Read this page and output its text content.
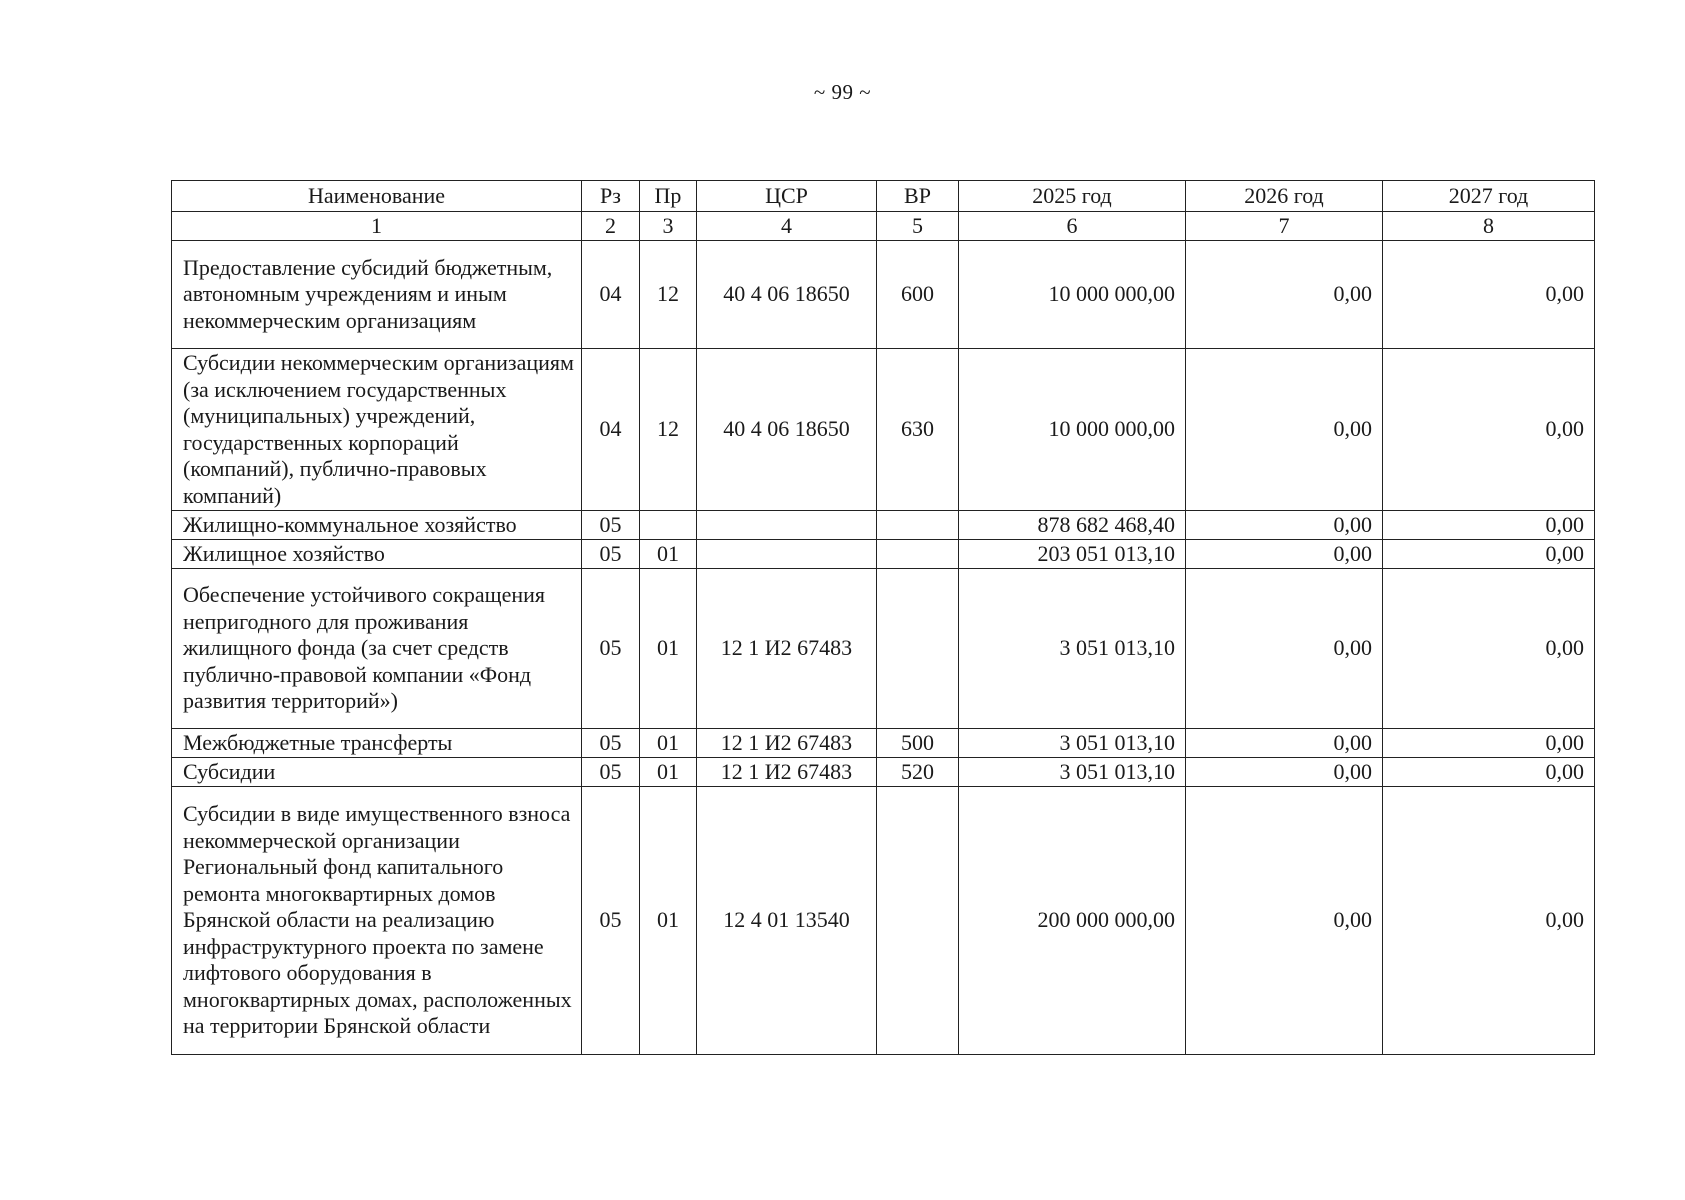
~ 99 ~
Наименование	Рз	Пр	ЦСР	ВР	2025 год	2026 год	2027 год
1	2	3	4	5	6	7	8
Предоставление субсидий бюджетным, автономным учреждениям и иным некоммерческим организациям	04	12	40 4 06 18650	600	10 000 000,00	0,00	0,00
Субсидии некоммерческим организациям (за исключением государственных (муниципальных) учреждений, государственных корпораций (компаний), публично-правовых компаний)	04	12	40 4 06 18650	630	10 000 000,00	0,00	0,00
Жилищно-коммунальное хозяйство	05				878 682 468,40	0,00	0,00
Жилищное хозяйство	05	01			203 051 013,10	0,00	0,00
Обеспечение устойчивого сокращения непригодного для проживания жилищного фонда (за счет средств публично-правовой компании «Фонд развития территорий»)	05	01	12 1 И2 67483		3 051 013,10	0,00	0,00
Межбюджетные трансферты	05	01	12 1 И2 67483	500	3 051 013,10	0,00	0,00
Субсидии	05	01	12 1 И2 67483	520	3 051 013,10	0,00	0,00
Субсидии в виде имущественного взноса некоммерческой организации Региональный фонд капитального ремонта многоквартирных домов Брянской области на реализацию инфраструктурного проекта по замене лифтового оборудования в многоквартирных домах, расположенных на территории Брянской области	05	01	12 4 01 13540		200 000 000,00	0,00	0,00
